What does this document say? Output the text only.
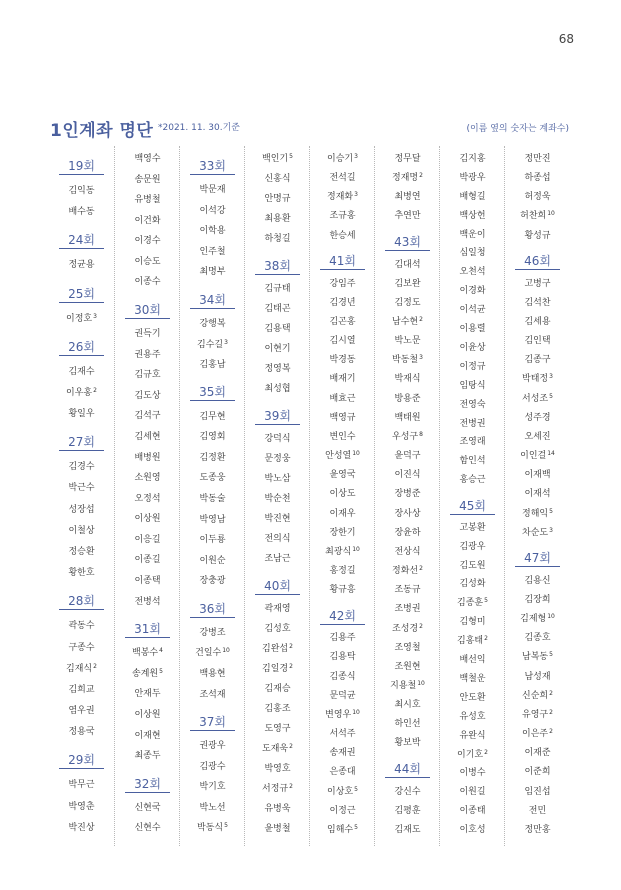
68
1인계좌 명단 *2021. 11. 30.기준	(이름 옆의 숫자는 계좌수)
19회
김익동
배수동
24회
정균용
25회
이정호$^3$
26회
김재수
이우홍$^2$
황일우
27회
김경수
박근수
성장섭
이철상
정승환
황한호
28회
곽동수
구종수
김재식$^2$
김희교
염우권
정용국
29회
박무근
박영춘
박진상
백영수
송문원
유병철
이건화
이경수
이승도
이종수
30회
권득기
권용주
김규호
김도상
김석구
김세현
배병원
소원영
오정석
이상원
이응길
이종길
이종택
전병석
31회
백봉수$^4$
송계원$^5$
안재두
이상원
이재현
최종두
32회
신현국
신현수
33회
박문재
이석강
이학용
인주철
최명부
34회
강행복
김수길$^3$
김홍남
35회
김무현
김영회
김정환
도종웅
박동술
박영남
이두룡
이원순
장충광
36회
강병조
건일수$^{10}$
백용현
조석재
37회
권광우
김광수
박기호
박노선
박동식$^5$
백인기$^5$
신홍식
안명규
최용환
하청길
38회
김규태
김태곤
김용택
이현기
정영복
최성협
39회
강덕식
문정웅
박노삼
박순천
박진현
전의식
조남근
40회
곽재영
김성호
김완섭$^2$
김일경$^2$
김재승
김홍조
도영구
도재욱$^2$
박영호
서정규$^2$
유병욱
윤병철
이승기$^3$
전석길
정재화$^3$
조규홍
한승세
41회
강임주
김경년
김곤홍
김시열
박경동
배재기
배효근
백영규
변인수
안성열$^{10}$
윤영국
이상도
이재우
장한기
최광식$^{10}$
홍정길
황규흥
42회
김용주
김용탁
김종식
문덕균
변영우$^{10}$
서석주
송재권
은종대
이상호$^5$
이정근
임해수$^5$
정무달
정재명$^2$
최병연
추연만
43회
김대석
김보완
김정도
남수현$^2$
박노문
박동철$^3$
박재식
방용준
백태원
우성구$^8$
윤덕구
이진식
장병준
장사상
장윤하
전상식
정화선$^2$
조동규
조병권
조성경$^2$
조영철
조원현
지용철$^{10}$
최시호
하인선
황보박
44회
강신수
김평훈
김재도
김지홍
박광우
배형길
백상헌
백운이
심일청
오천석
이경화
이석균
이용렬
이윤상
이정규
임탕식
전영숙
전병권
조영래
함인석
홍승근
45회
고봉환
김광우
김도원
김성화
김종훈$^5$
김형미
김홍태$^2$
배선익
백철운
안도환
유성호
유완식
이기호$^2$
이병수
이원길
이종태
이호성
정만진
하종섭
허정욱
허찬희$^{10}$
황성규
46회
고병구
김석찬
김세용
김인택
김종구
박태정$^3$
서성조$^5$
성주경
오세진
이인걸$^{14}$
이재백
이재석
정해익$^5$
차순도$^3$
47회
김용신
김장희
김제형$^{10}$
김종호
남복동$^5$
남성재
신순희$^2$
유영구$^2$
이은주$^2$
이재준
이준희
임진섭
전민
정만홍
